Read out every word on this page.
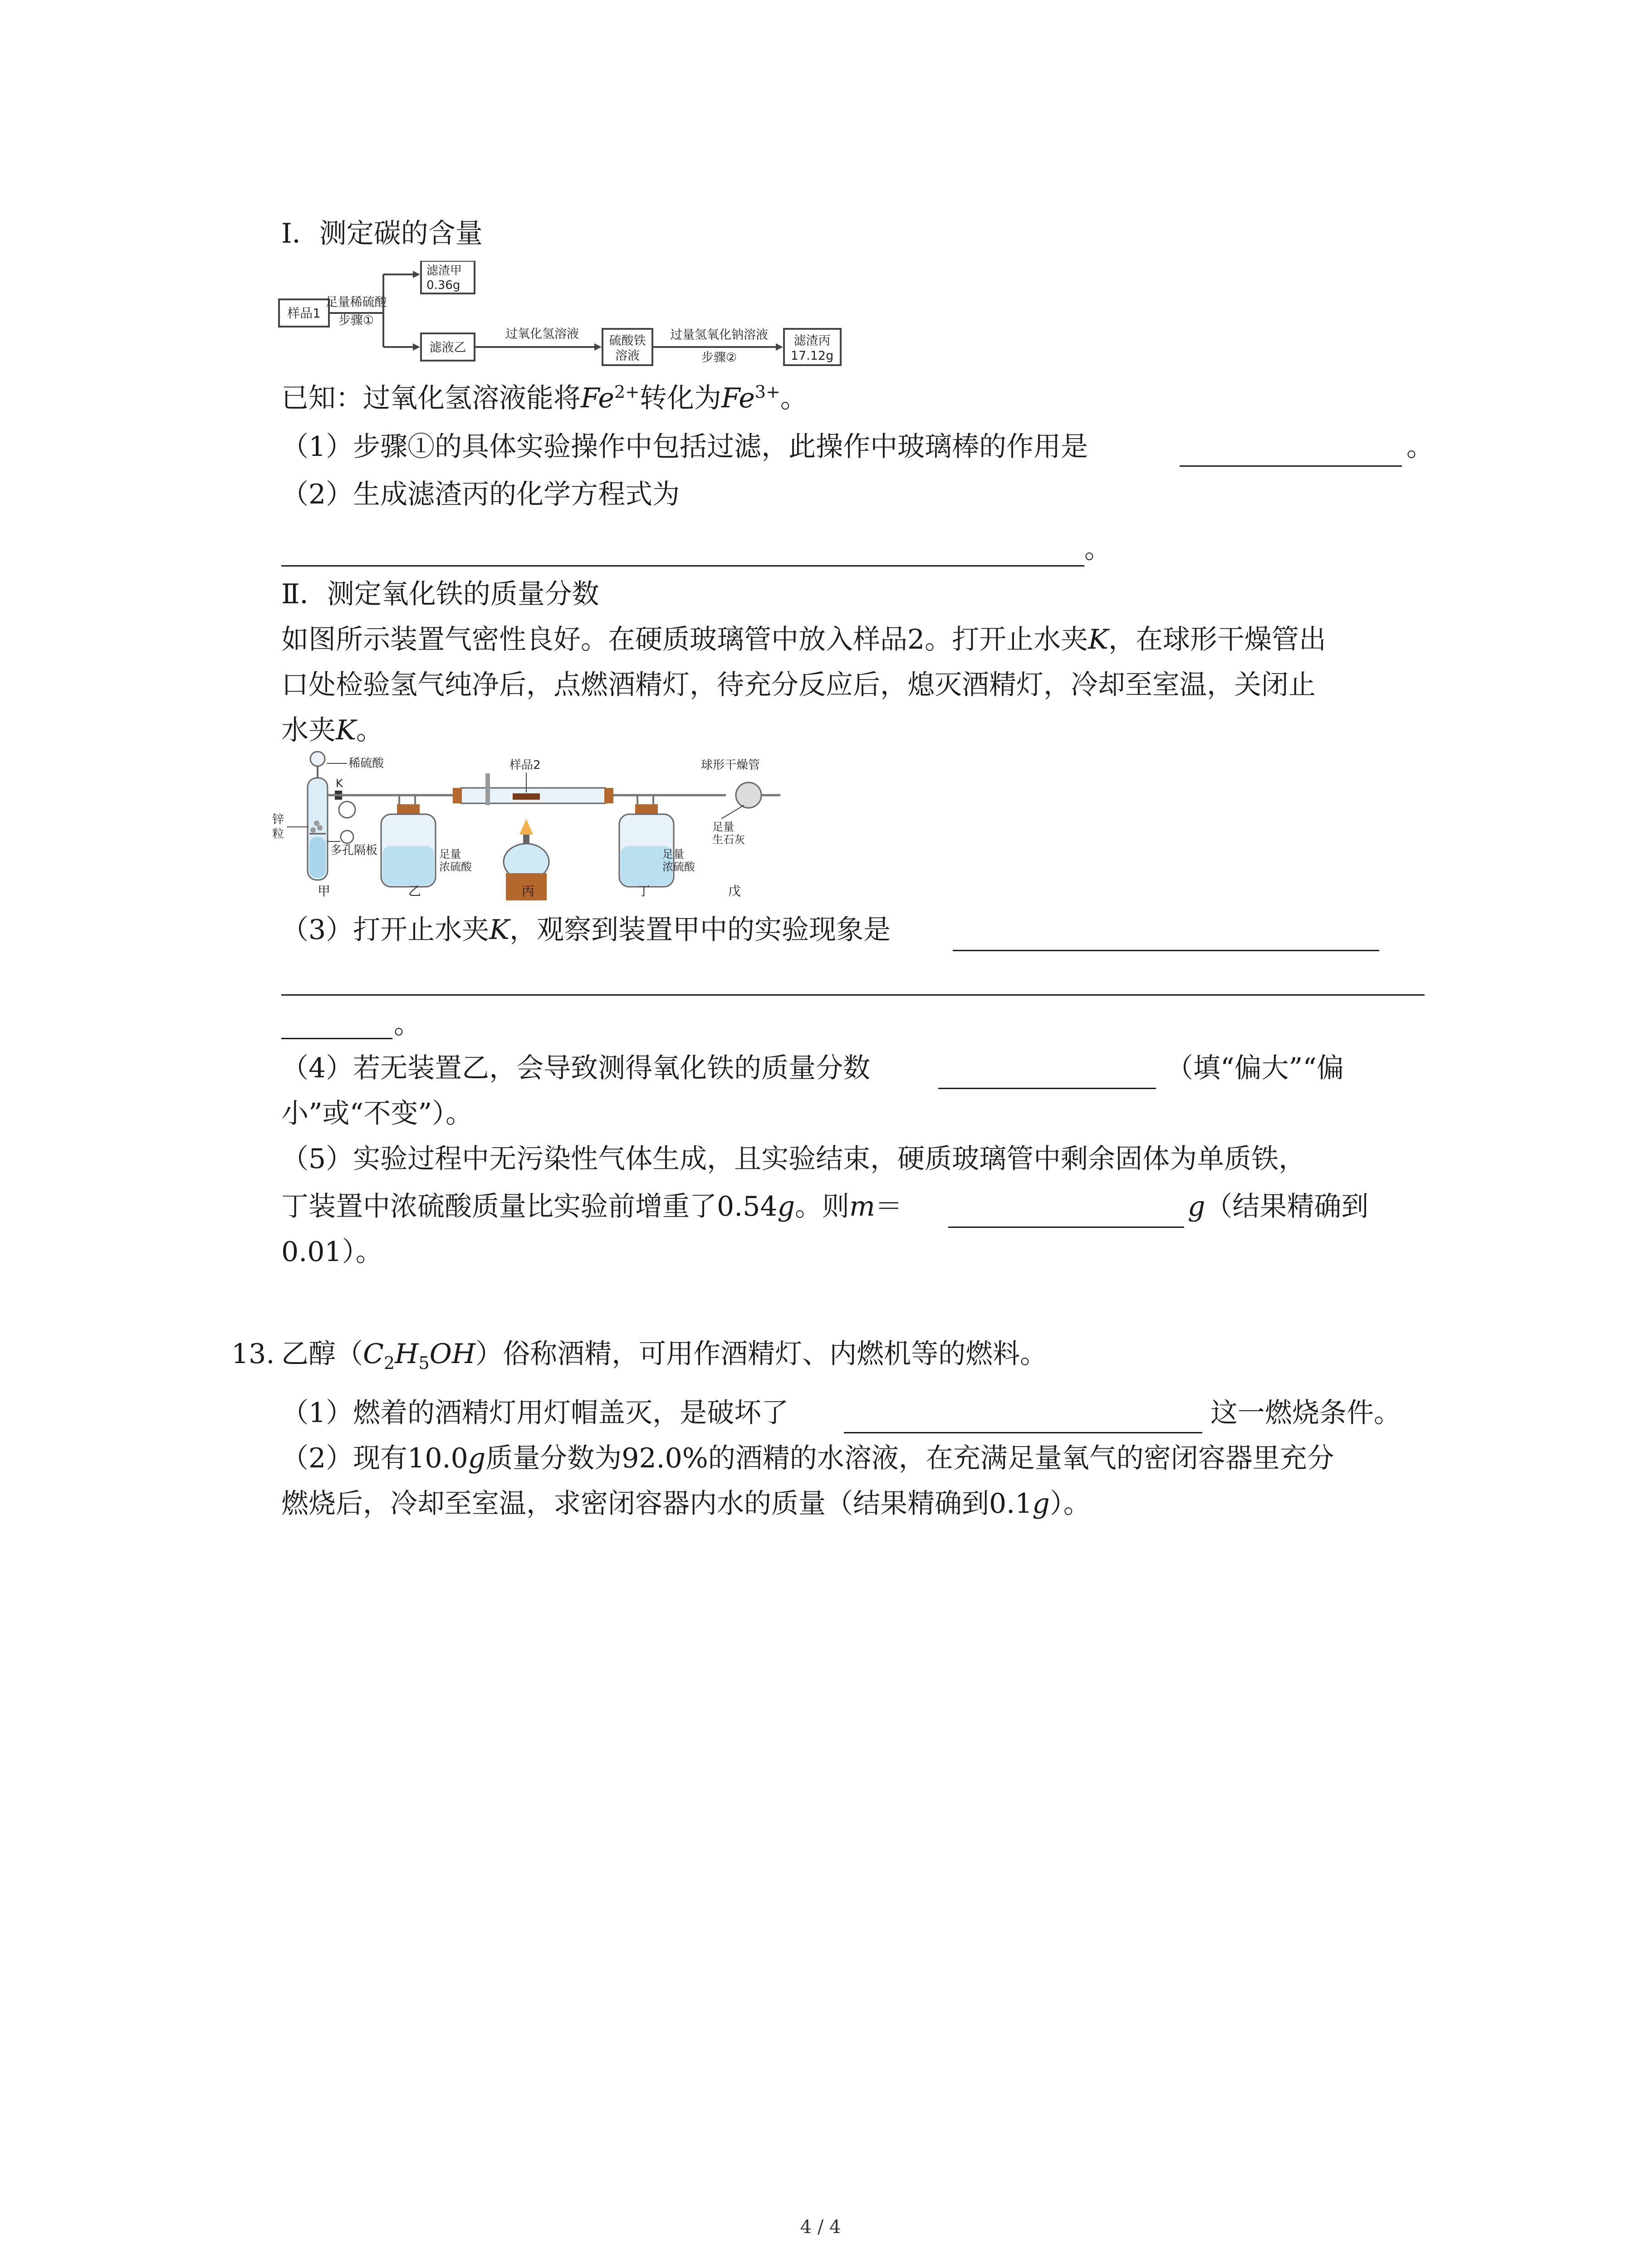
Ⅰ．测定碳的含量
样品1
足量稀硫酸
步骤①
滤渣甲
0.36g
滤液乙
过氧化氢溶液 硫酸铁
溶液
过量氢氧化钠溶液
步骤②
滤渣丙
17.12g
已知：过氧化氢溶液能将$Fe^{2+}$转化为$Fe^{3+}$。
（1）步骤①的具体实验操作中包括过滤，此操作中玻璃棒的作用是	。
（2）生成滤渣丙的化学方程式为
。
Ⅱ．测定氧化铁的质量分数
如图所示装置气密性良好。在硬质玻璃管中放入样品2。打开止水夹K，在球形干燥管出
口处检验氢气纯净后，点燃酒精灯，待充分反应后，熄灭酒精灯，冷却至室温，关闭止
水夹K。
稀硫酸
K
锌
粒
多孔隔板	足量
浓硫酸
样品2
足量
浓硫酸
球形干燥管
足量
生石灰
甲	乙	丙	丁	戊
（3）打开止水夹K，观察到装置甲中的实验现象是
。
（4）若无装置乙，会导致测得氧化铁的质量分数	（填“偏大”“偏
小”或“不变”）。
（5）实验过程中无污染性气体生成，且实验结束，硬质玻璃管中剩余固体为单质铁，
丁装置中浓硫酸质量比实验前增重了0.54g。则m＝	g（结果精确到
0.01）。
13. 乙醇$(C_2H_5OH)$俗称酒精，可用作酒精灯、内燃机等的燃料。
（1）燃着的酒精灯用灯帽盖灭，是破坏了	这一燃烧条件。
（2）现有10.0g质量分数为92.0%的酒精的水溶液，在充满足量氧气的密闭容器里充分
燃烧后，冷却至室温，求密闭容器内水的质量（结果精确到0.1g）。
4 / 4
